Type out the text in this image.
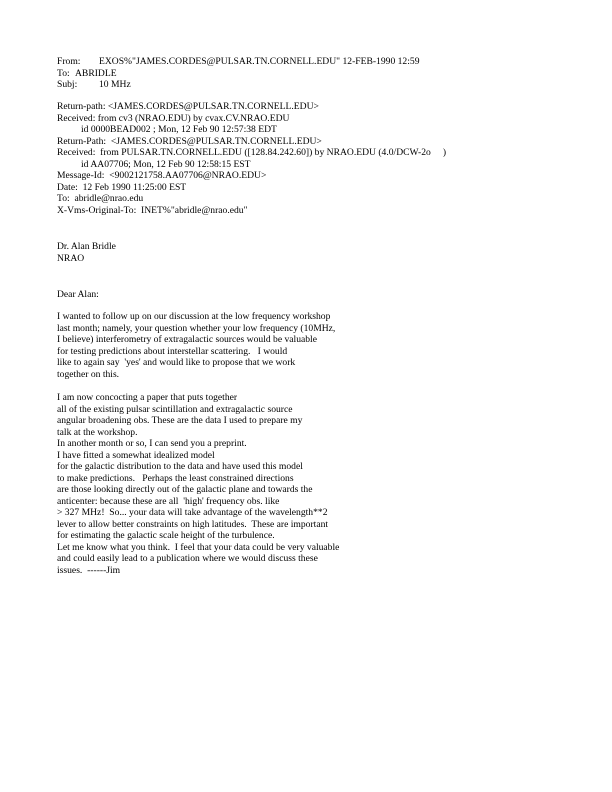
From: EXOS%"JAMES.CORDES@PULSAR.TN.CORNELL.EDU" 12-FEB-1990 12:59
To: ABRIDLE
Subj: 10 MHz
Return-path: <JAMES.CORDES@PULSAR.TN.CORNELL.EDU>
Received: from cv3 (NRAO.EDU) by cvax.CV.NRAO.EDU
id 0000BEAD002 ; Mon, 12 Feb 90 12:57:38 EDT
Return-Path:  <JAMES.CORDES@PULSAR.TN.CORNELL.EDU>
Received:  from PULSAR.TN.CORNELL.EDU ([128.84.242.60]) by NRAO.EDU (4.0/DCW-2o     )
id AA07706; Mon, 12 Feb 90 12:58:15 EST
Message-Id:  <9002121758.AA07706@NRAO.EDU>
Date:  12 Feb 1990 11:25:00 EST
To:  abridle@nrao.edu
X-Vms-Original-To:  INET%"abridle@nrao.edu"
Dr. Alan Bridle
NRAO
Dear Alan:
I wanted to follow up on our discussion at the low frequency workshop
last month; namely, your question whether your low frequency (10MHz,
I believe) interferometry of extragalactic sources would be valuable
for testing predictions about interstellar scattering.   I would
like to again say  'yes' and would like to propose that we work
together on this.
I am now concocting a paper that puts together
all of the existing pulsar scintillation and extragalactic source
angular broadening obs. These are the data I used to prepare my
talk at the workshop.
In another month or so, I can send you a preprint.
I have fitted a somewhat idealized model
for the galactic distribution to the data and have used this model
to make predictions.   Perhaps the least constrained directions
are those looking directly out of the galactic plane and towards the
anticenter: because these are all  'high' frequency obs. like
> 327 MHz!  So... your data will take advantage of the wavelength**2
lever to allow better constraints on high latitudes.  These are important
for estimating the galactic scale height of the turbulence.
Let me know what you think.  I feel that your data could be very valuable
and could easily lead to a publication where we would discuss these
issues.  ------Jim
